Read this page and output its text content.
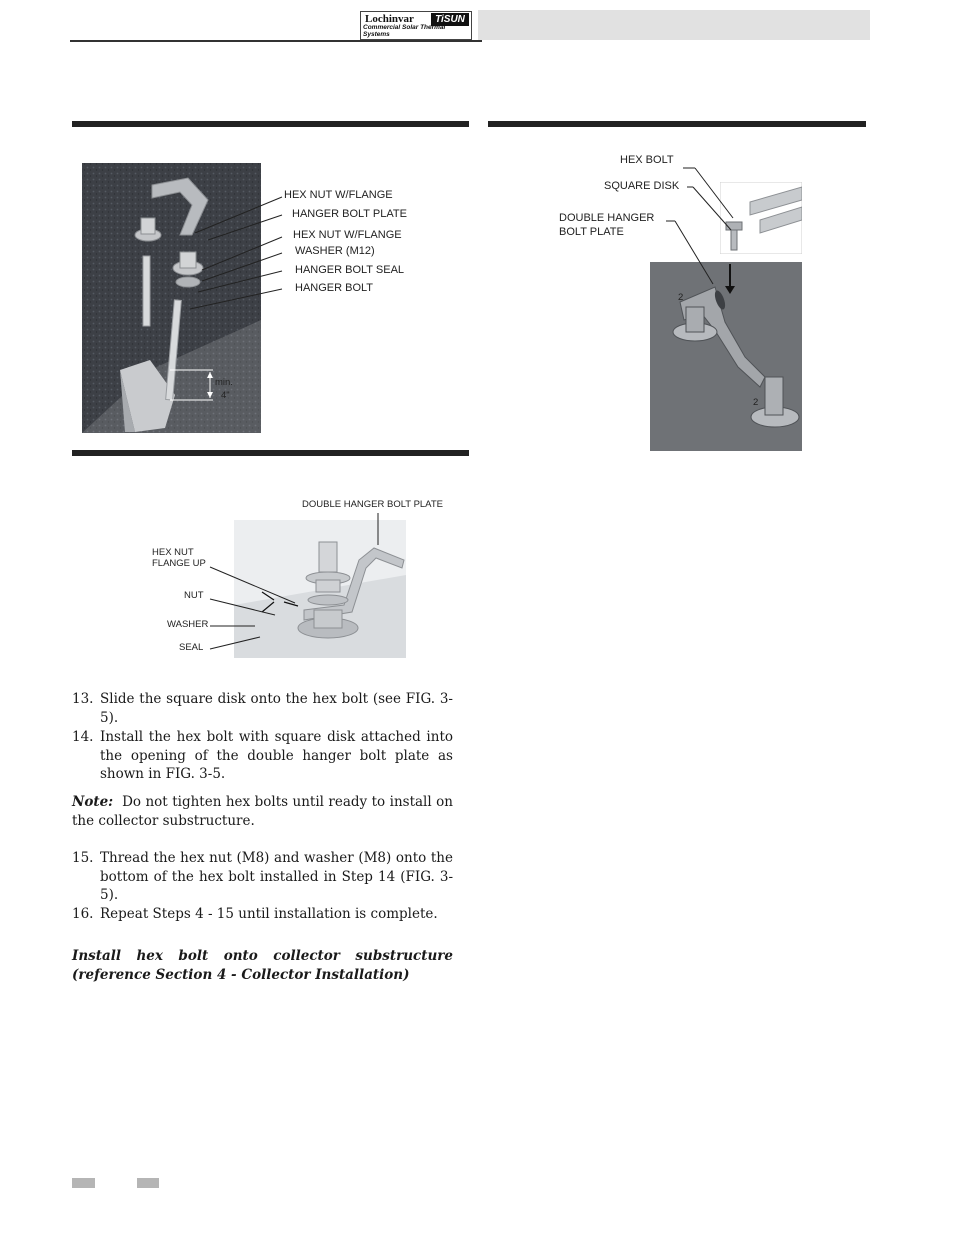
Lochinvar	TiSUN
Commercial Solar Thermal Systems
HEX NUT W/FLANGE
HANGER BOLT PLATE
HEX NUT W/FLANGE
WASHER (M12)
HANGER BOLT SEAL
HANGER BOLT
min.
4"
DOUBLE HANGER BOLT PLATE
HEX NUT
FLANGE UP
NUT
WASHER
SEAL
HEX BOLT
SQUARE DISK
DOUBLE HANGER
BOLT PLATE
2
2
13. Slide the square disk onto the hex bolt (see FIG. 3-5).
14. Install the hex bolt with square disk attached into the opening of the double hanger bolt plate as shown in FIG. 3-5.
Note: Do not tighten hex bolts until ready to install on the collector substructure.
15. Thread the hex nut (M8) and washer (M8) onto the bottom of the hex bolt installed in Step 14 (FIG. 3-5).
16. Repeat Steps 4 - 15 until installation is complete.
Install hex bolt onto collector substructure (reference Section 4 - Collector Installation)
